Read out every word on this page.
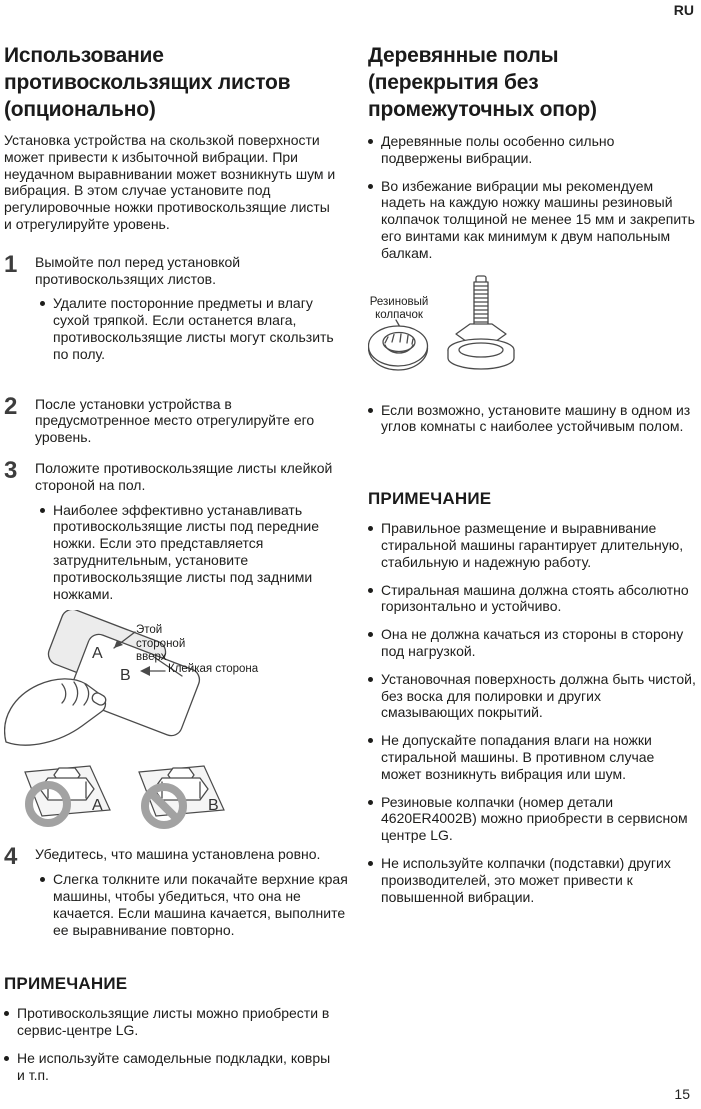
RU
Использование противоскользящих листов (опционально)

Установка устройства на скользкой поверхности может привести к избыточной вибрации. При неудачном выравнивании может возникнуть шум и вибрация. В этом случае установите под регулировочные ножки противоскользящие листы и отрегулируйте уровень.

1	Вымойте пол перед установкой противоскользящих листов.

Удалите посторонние предметы и влагу сухой тряпкой. Если останется влага, противоскользящие листы могут скользить по полу.

2	После установки устройства в предусмотренное место отрегулируйте его уровень.

3	Положите противоскользящие листы клейкой стороной на пол.

Наиболее эффективно устанавливать противоскользящие листы под передние ножки. Если это представляется затруднительным, установите противоскользящие листы под задними ножками.

A
B
Этой стороной вверх
Клейкая сторона
A	B
4	Убедитесь, что машина установлена ровно.

Слегка толкните или покачайте верхние края машины, чтобы убедиться, что она не качается. Если машина качается, выполните ее выравнивание повторно.

ПРИМЕЧАНИЕ

Противоскользящие листы можно приобрести в сервис-центре LG.

Не используйте самодельные подкладки, ковры и т.п.

Деревянные полы (перекрытия без промежуточных опор)

Деревянные полы особенно сильно подвержены вибрации.

Во избежание вибрации мы рекомендуем надеть на каждую ножку машины резиновый колпачок толщиной не менее 15 мм и закрепить его винтами как минимум к двум напольным балкам.

Резиновый колпачок

Если возможно, установите машину в одном из углов комнаты с наиболее устойчивым полом.

ПРИМЕЧАНИЕ

Правильное размещение и выравнивание стиральной машины гарантирует длительную, стабильную и надежную работу.

Стиральная машина должна стоять абсолютно горизонтально и устойчиво.

Она не должна качаться из стороны в сторону под нагрузкой.

Установочная поверхность должна быть чистой, без воска для полировки и других смазывающих покрытий.

Не допускайте попадания влаги на ножки стиральной машины. В противном случае может возникнуть вибрация или шум.

Резиновые колпачки (номер детали 4620ER4002B) можно приобрести в сервисном центре LG.

Не используйте колпачки (подставки) других производителей, это может привести к повышенной вибрации.

15
